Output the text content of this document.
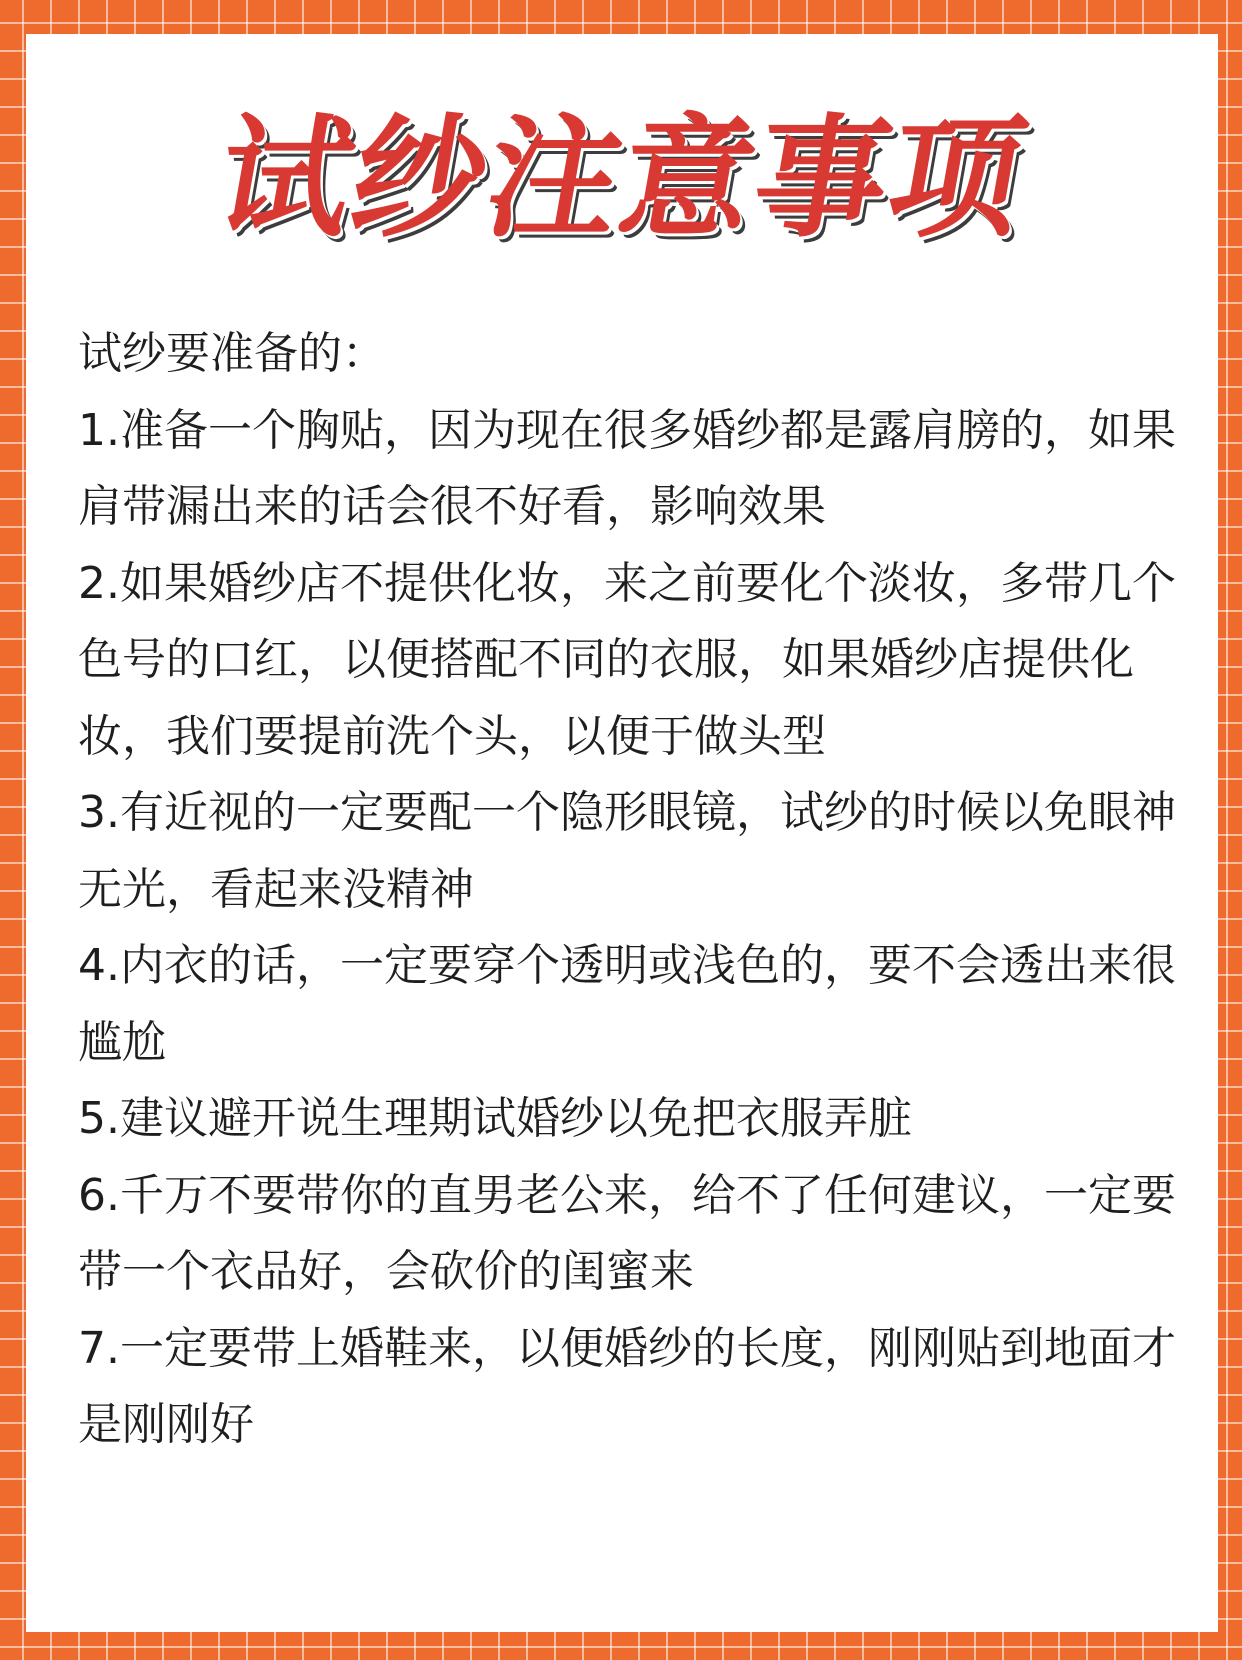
试纱注意事项

试纱要准备的：

1.准备一个胸贴，因为现在很多婚纱都是露肩膀的，如果肩带漏出来的话会很不好看，影响效果

2.如果婚纱店不提供化妆，来之前要化个淡妆，多带几个色号的口红，以便搭配不同的衣服，如果婚纱店提供化妆，我们要提前洗个头，以便于做头型

3.有近视的一定要配一个隐形眼镜，试纱的时候以免眼神无光，看起来没精神

4.内衣的话，一定要穿个透明或浅色的，要不会透出来很尴尬

5.建议避开说生理期试婚纱以免把衣服弄脏

6.千万不要带你的直男老公来，给不了任何建议，一定要带一个衣品好，会砍价的闺蜜来

7.一定要带上婚鞋来，以便婚纱的长度，刚刚贴到地面才是刚刚好
